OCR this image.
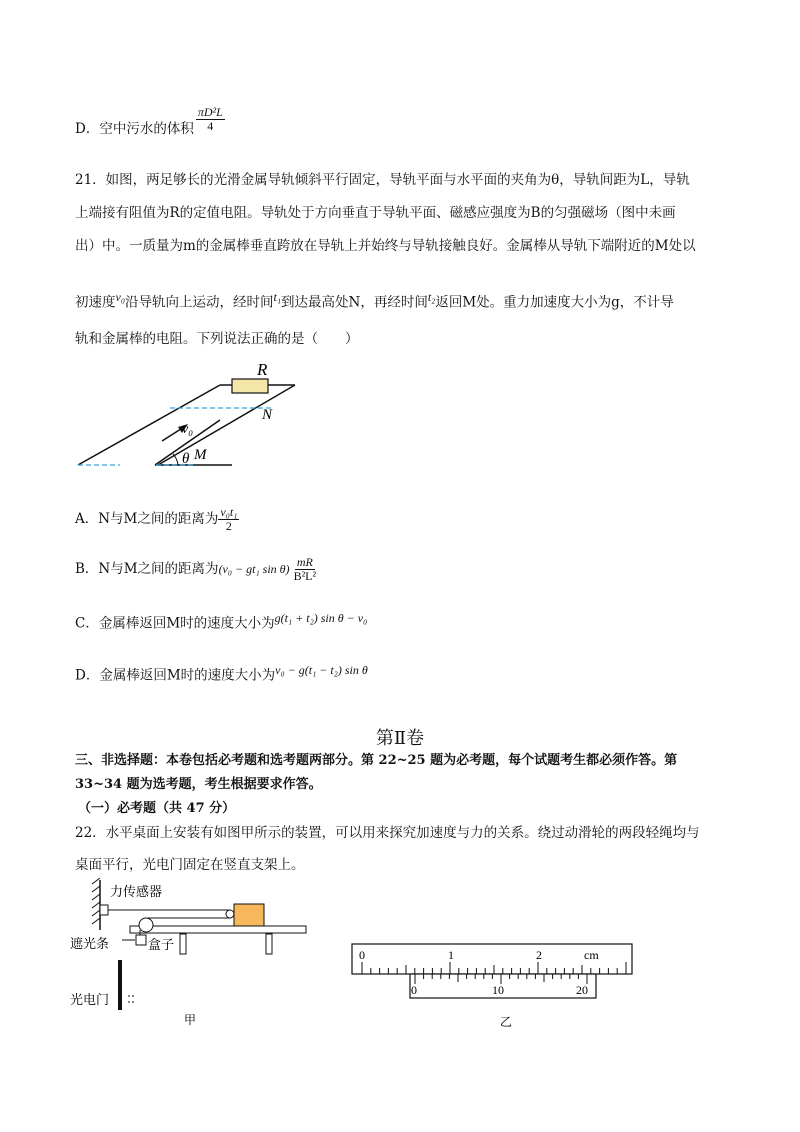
D．空中污水的体积 $\frac{\text{πD²L}}{4}$
21．如图，两足够长的光滑金属导轨倾斜平行固定，导轨平面与水平面的夹角为θ，导轨间距为L，导轨
上端接有阻值为R的定值电阻。导轨处于方向垂直于导轨平面、磁感应强度为B的匀强磁场（图中未画
出）中。一质量为m的金属棒垂直跨放在导轨上并始终与导轨接触良好。金属棒从导轨下端附近的M处以
初速度$^{v_0}$沿导轨向上运动，经时间$^{t_1}$到达最高处N，再经时间$^{t_2}$返回M处。重力加速度大小为g，不计导
轨和金属棒的电阻。下列说法正确的是（　　）
R
N
v₀
θ M
A．N与M之间的距离为 $\frac{\text{v₀t₁}}{2}$
B．N与M之间的距离为(v₀ − gt₁ $\sin \theta) \frac{mR}{\text{B²L²}}$
C．金属棒返回M时的速度大小为$^{g(t_1 + t_2) sin \theta - v_0}$
D．金属棒返回M时的速度大小为$^{v_0 - g(t_1 - t_2) sin \theta}$
第Ⅱ卷
三、非选择题：本卷包括必考题和选考题两部分。第 22~25 题为必考题，每个试题考生都必须作答。第
33~34 题为选考题，考生根据要求作答。
（一）必考题（共 47 分）
22．水平桌面上安装有如图甲所示的装置，可以用来探究加速度与力的关系。绕过动滑轮的两段轻绳均与
桌面平行，光电门固定在竖直支架上。
力传感器
遮光条	盒子
光电门
甲
0	1	2	cm
0	10	20
乙
